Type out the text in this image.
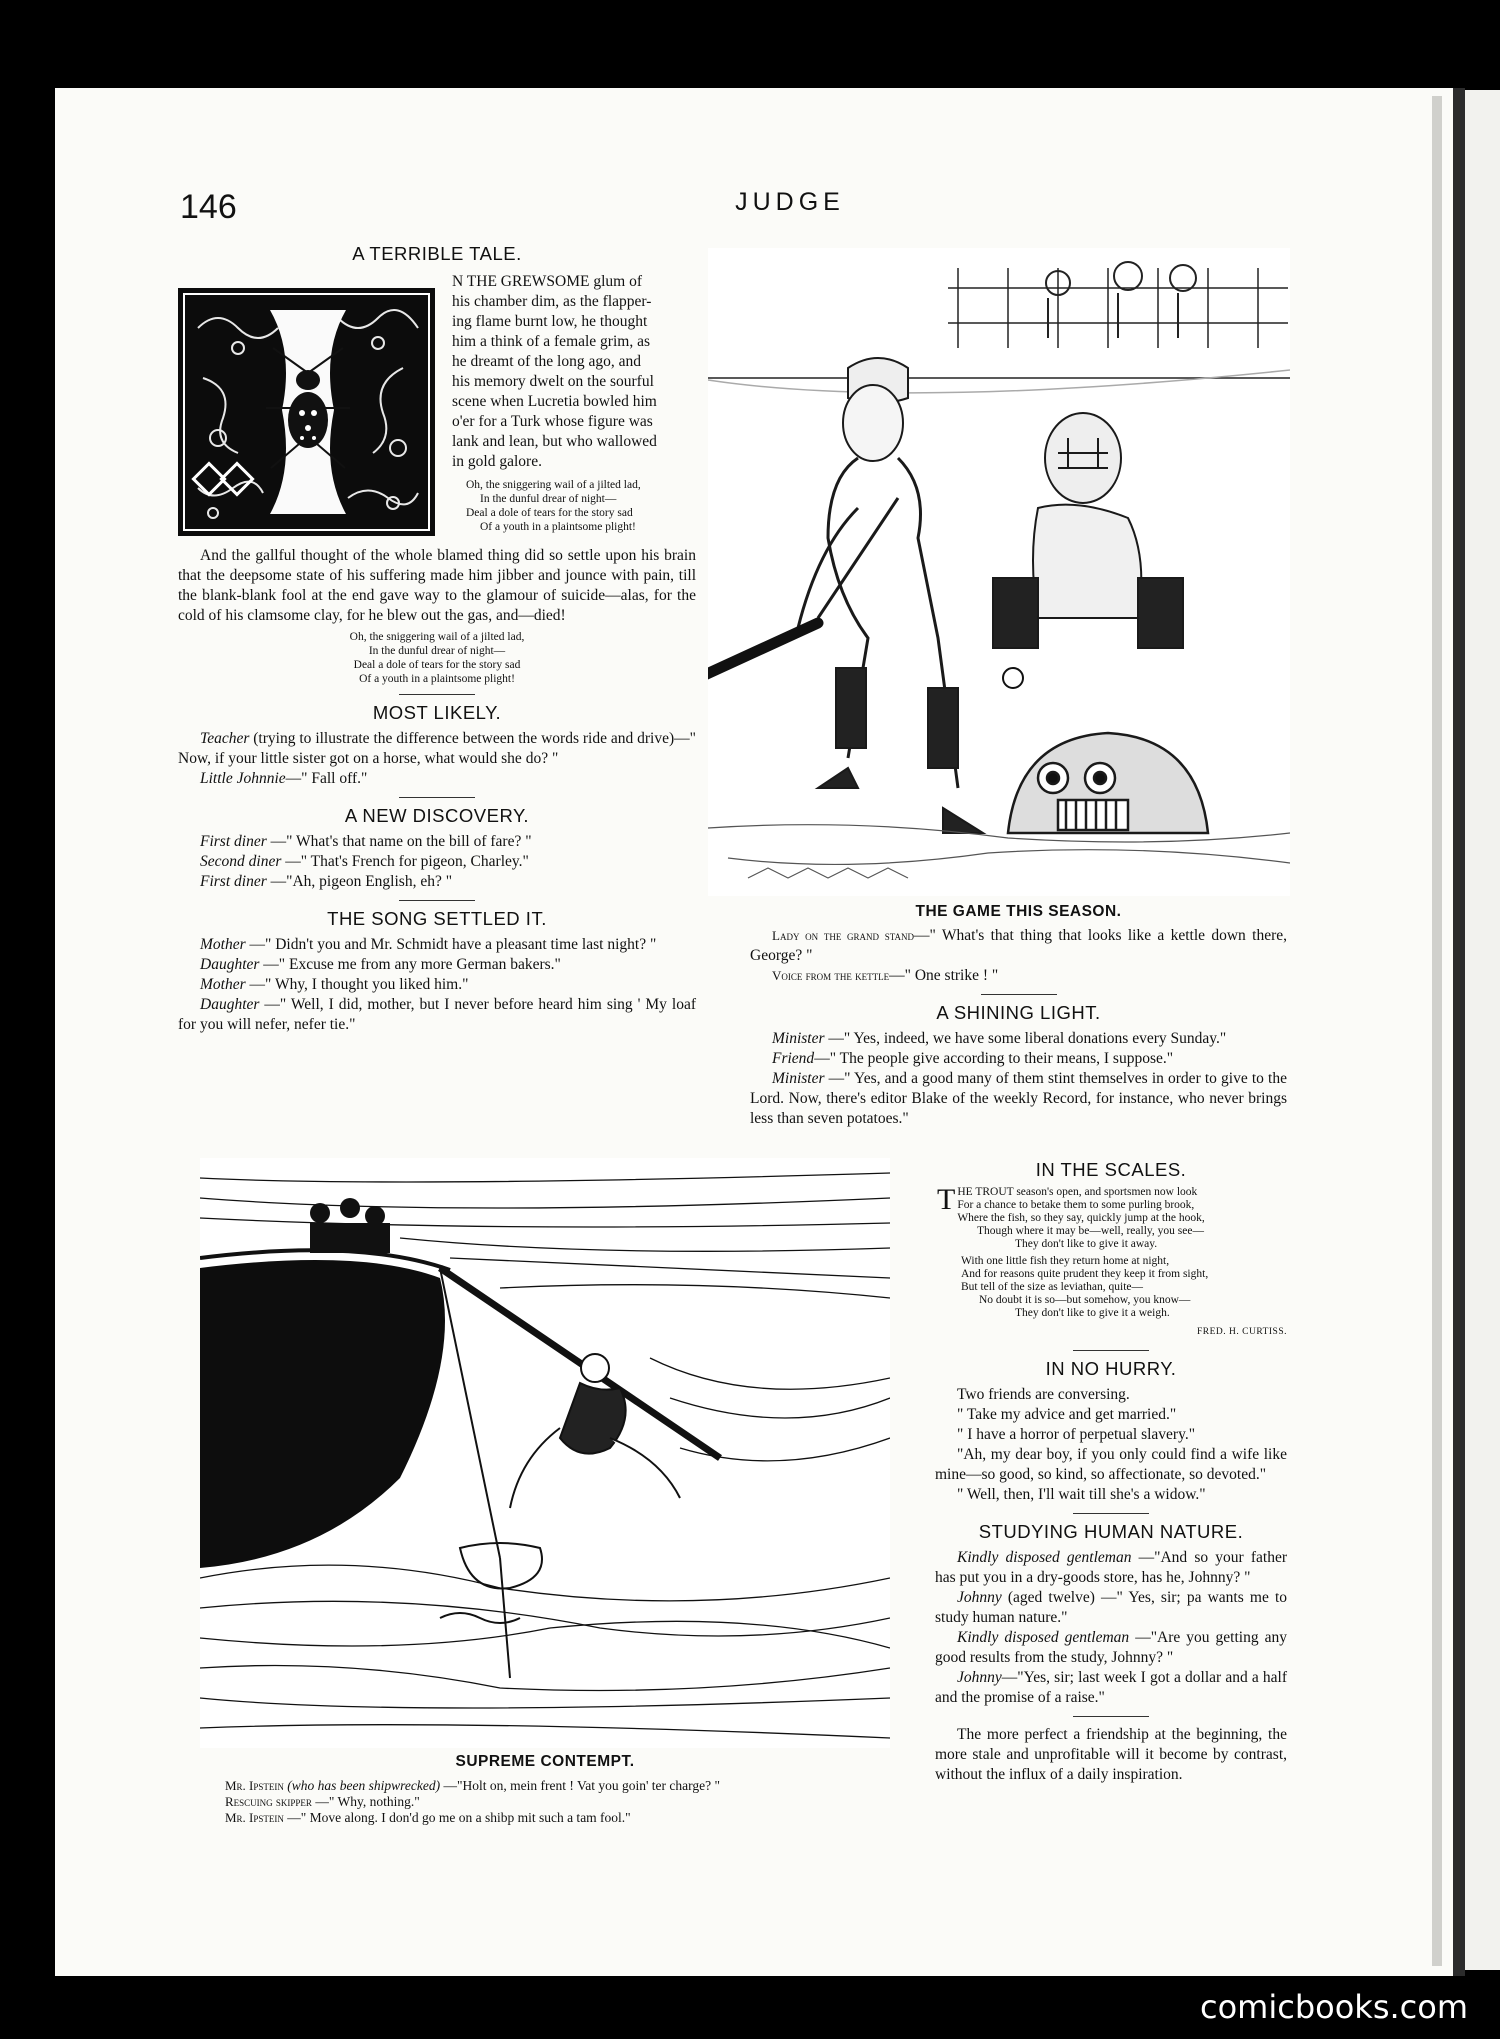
146	JUDGE
A TERRIBLE TALE.
N THE GREWSOME glum of
his chamber dim, as the flapper-
ing flame burnt low, he thought
him a think of a female grim, as
he dreamt of the long ago, and
his memory dwelt on the sourful
scene when Lucretia bowled him
o'er for a Turk whose figure was
lank and lean, but who wallowed
in gold galore.
Oh, the sniggering wail of a jilted lad,
In the dunful drear of night—
Deal a dole of tears for the story sad
Of a youth in a plaintsome plight!

And the gallful thought of the whole blamed thing did so settle upon his brain that the deepsome state of his suffering made him jibber and jounce with pain, till the blank-blank fool at the end gave way to the glamour of suicide—alas, for the cold of his clamsome clay, for he blew out the gas, and—died!

Oh, the sniggering wail of a jilted lad,
In the dunful drear of night—
Deal a dole of tears for the story sad
Of a youth in a plaintsome plight!
MOST LIKELY.

Teacher (trying to illustrate the difference between the words ride and drive)—" Now, if your little sister got on a horse, what would she do? "

Little Johnnie—" Fall off."

A NEW DISCOVERY.

First diner —" What's that name on the bill of fare? "

Second diner —" That's French for pigeon, Charley."

First diner —"Ah, pigeon English, eh? "

THE SONG SETTLED IT.

Mother —" Didn't you and Mr. Schmidt have a pleasant time last night? "

Daughter —" Excuse me from any more German bakers."

Mother —" Why, I thought you liked him."

Daughter —" Well, I did, mother, but I never before heard him sing ' My loaf for you will nefer, nefer tie."

THE GAME THIS SEASON.

Lady on the grand stand—" What's that thing that looks like a kettle down there, George? "

Voice from the kettle—" One strike ! "

A SHINING LIGHT.

Minister —" Yes, indeed, we have some liberal donations every Sunday."

Friend—" The people give according to their means, I suppose."

Minister —" Yes, and a good many of them stint themselves in order to give to the Lord. Now, there's editor Blake of the weekly Record, for instance, who never brings less than seven potatoes."

SUPREME CONTEMPT.
Mr. Ipstein (who has been shipwrecked) —"Holt on, mein frent ! Vat you goin' ter charge? "
Rescuing skipper —" Why, nothing."
Mr. Ipstein —" Move along. I don'd go me on a shibp mit such a tam fool."
IN THE SCALES.
T HE TROUT season's open, and sportsmen now look
For a chance to betake them to some purling brook,
Where the fish, so they say, quickly jump at the hook,
Though where it may be—well, really, you see—
They don't like to give it away.
With one little fish they return home at night,
And for reasons quite prudent they keep it from sight,
But tell of the size as leviathan, quite—
No doubt it is so—but somehow, you know—
They don't like to give it a weigh.
FRED. H. CURTISS.
IN NO HURRY.

Two friends are conversing.

" Take my advice and get married."

" I have a horror of perpetual slavery."

"Ah, my dear boy, if you only could find a wife like mine—so good, so kind, so affectionate, so devoted."

" Well, then, I'll wait till she's a widow."

STUDYING HUMAN NATURE.

Kindly disposed gentleman —"And so your father has put you in a dry-goods store, has he, Johnny? "

Johnny (aged twelve) —" Yes, sir; pa wants me to study human nature."

Kindly disposed gentleman —"Are you getting any good results from the study, Johnny? "

Johnny—"Yes, sir; last week I got a dollar and a half and the promise of a raise."

The more perfect a friendship at the beginning, the more stale and unprofitable will it become by contrast, without the influx of a daily inspiration.

comicbooks.com
